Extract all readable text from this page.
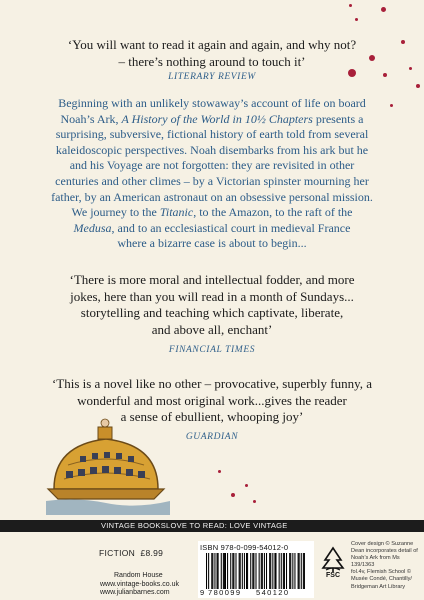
‘You will want to read it again and again, and why not?
– there’s nothing around to touch it’
LITERARY REVIEW
Beginning with an unlikely stowaway’s account of life on board
Noah’s Ark, A History of the World in 10½ Chapters presents a
surprising, subversive, fictional history of earth told from several
kaleidoscopic perspectives. Noah disembarks from his ark but he
and his Voyage are not forgotten: they are revisited in other
centuries and other climes – by a Victorian spinster mourning her
father, by an American astronaut on an obsessive personal mission.
We journey to the Titanic, to the Amazon, to the raft of the
Medusa, and to an ecclesiastical court in medieval France
where a bizarre case is about to begin...
‘There is more moral and intellectual fodder, and more
jokes, here than you will read in a month of Sundays...
storytelling and teaching which captivate, liberate,
and above all, enchant’
FINANCIAL TIMES
‘This is a novel like no other – provocative, superbly funny, a
wonderful and most original work...gives the reader
a sense of ebullient, whooping joy’
GUARDIAN
VINTAGE BOOKS LOVE TO READ: LOVE VINTAGE
FICTION £8.99
Random House
www.vintage-books.co.uk
www.julianbarnes.com
ISBN 978-0-099-54012-0
9 780099 540120
FSC
Cover design © Suzanne
Dean incorporates detail of
Noah’s Ark from Ms 139/1363
fol.4v, Flemish School ©
Musée Condé, Chantilly/
Bridgeman Art Library
